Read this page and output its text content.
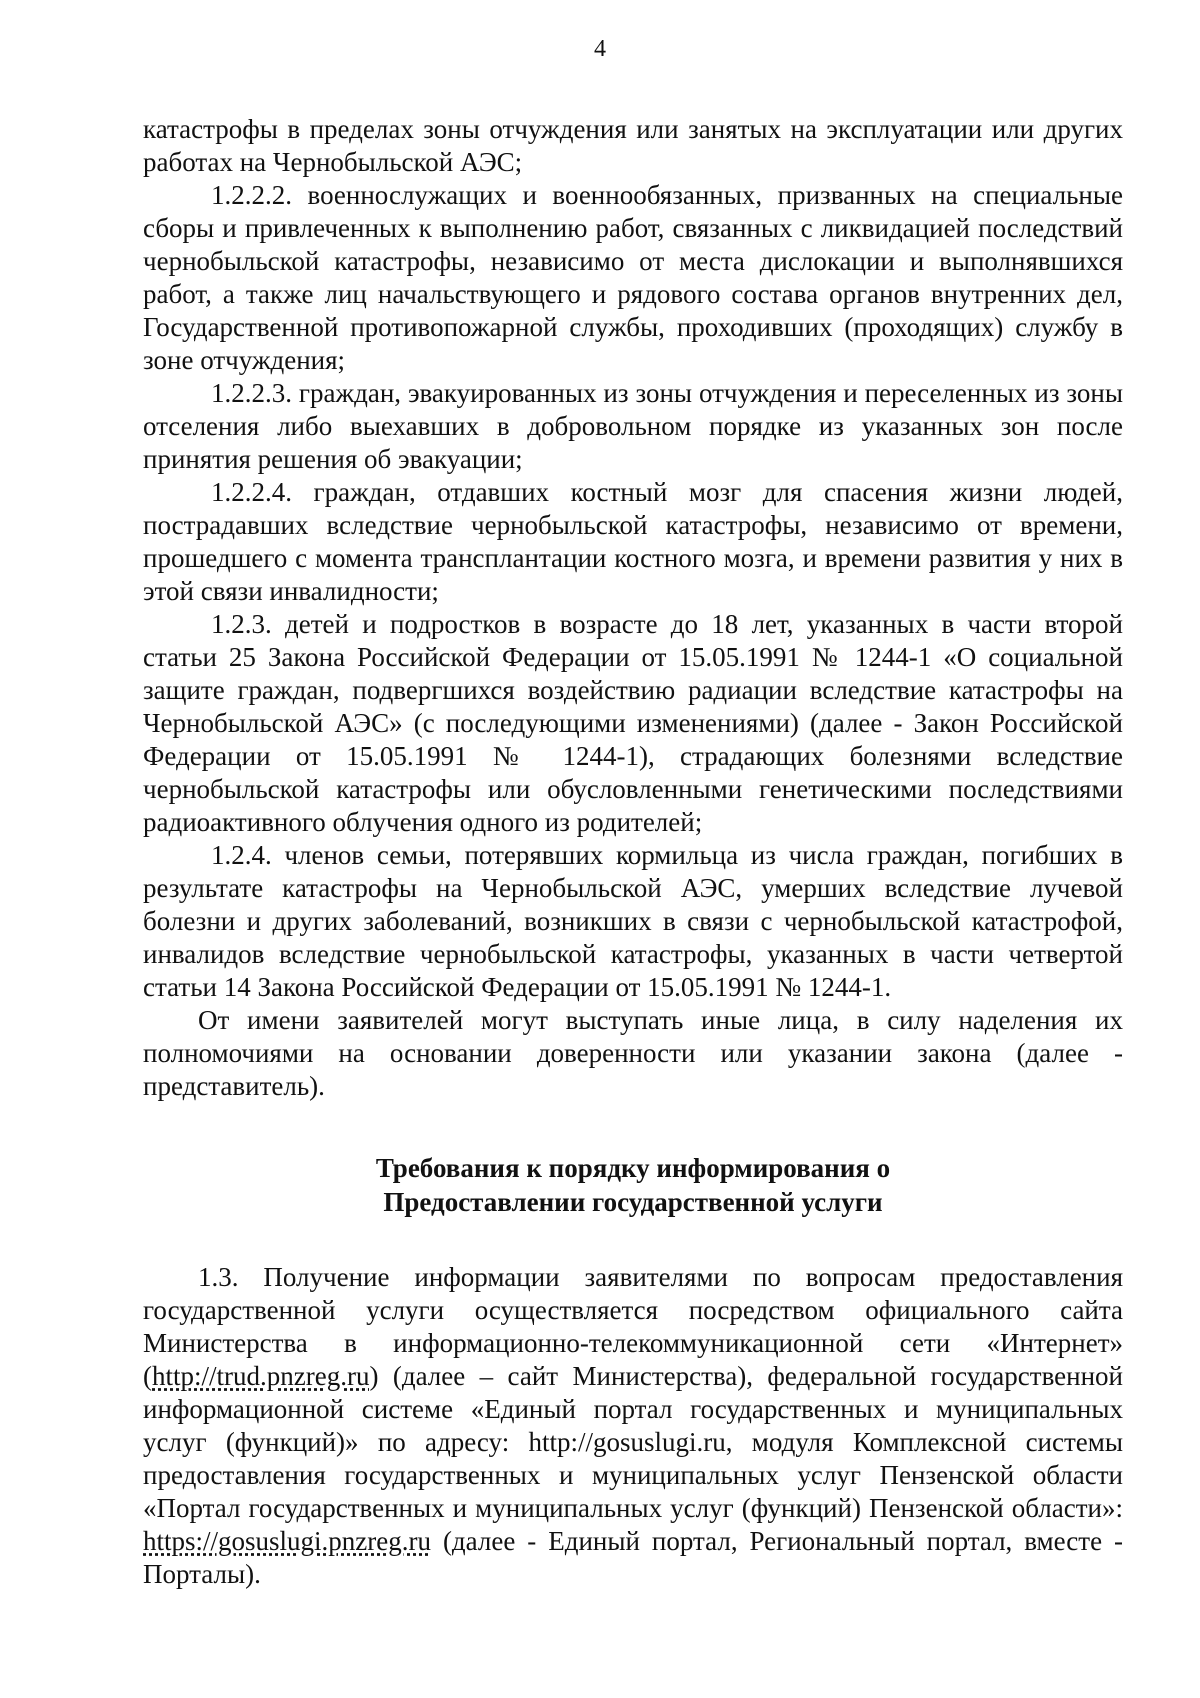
4

катастрофы в пределах зоны отчуждения или занятых на эксплуатации или других работах на Чернобыльской АЭС;

1.2.2.2. военнослужащих и военнообязанных, призванных на специальные сборы и привлеченных к выполнению работ, связанных с ликвидацией последствий чернобыльской катастрофы, независимо от места дислокации и выполнявшихся работ, а также лиц начальствующего и рядового состава органов внутренних дел, Государственной противопожарной службы, проходивших (проходящих) службу в зоне отчуждения;

1.2.2.3. граждан, эвакуированных из зоны отчуждения и переселенных из зоны отселения либо выехавших в добровольном порядке из указанных зон после принятия решения об эвакуации;

1.2.2.4. граждан, отдавших костный мозг для спасения жизни людей, пострадавших вследствие чернобыльской катастрофы, независимо от времени, прошедшего с момента трансплантации костного мозга, и времени развития у них в этой связи инвалидности;

1.2.3. детей и подростков в возрасте до 18 лет, указанных в части второй статьи 25 Закона Российской Федерации от 15.05.1991 № 1244-1 «О социальной защите граждан, подвергшихся воздействию радиации вследствие катастрофы на Чернобыльской АЭС» (с последующими изменениями) (далее - Закон Российской Федерации от 15.05.1991 № 1244-1), страдающих болезнями вследствие чернобыльской катастрофы или обусловленными генетическими последствиями радиоактивного облучения одного из родителей;

1.2.4. членов семьи, потерявших кормильца из числа граждан, погибших в результате катастрофы на Чернобыльской АЭС, умерших вследствие лучевой болезни и других заболеваний, возникших в связи с чернобыльской катастрофой, инвалидов вследствие чернобыльской катастрофы, указанных в части четвертой статьи 14 Закона Российской Федерации от 15.05.1991 № 1244-1.

От имени заявителей могут выступать иные лица, в силу наделения их полномочиями на основании доверенности или указании закона (далее - представитель).

Требования к порядку информирования о
Предоставлении государственной услуги

1.3. Получение информации заявителями по вопросам предоставления государственной услуги осуществляется посредством официального сайта Министерства в информационно-телекоммуникационной сети «Интернет» (http://trud.pnzreg.ru) (далее – сайт Министерства), федеральной государственной информационной системе «Единый портал государственных и муниципальных услуг (функций)» по адресу: http://gosuslugi.ru, модуля Комплексной системы предоставления государственных и муниципальных услуг Пензенской области «Портал государственных и муниципальных услуг (функций) Пензенской области»: https://gosuslugi.pnzreg.ru (далее - Единый портал, Региональный портал, вместе - Порталы).
